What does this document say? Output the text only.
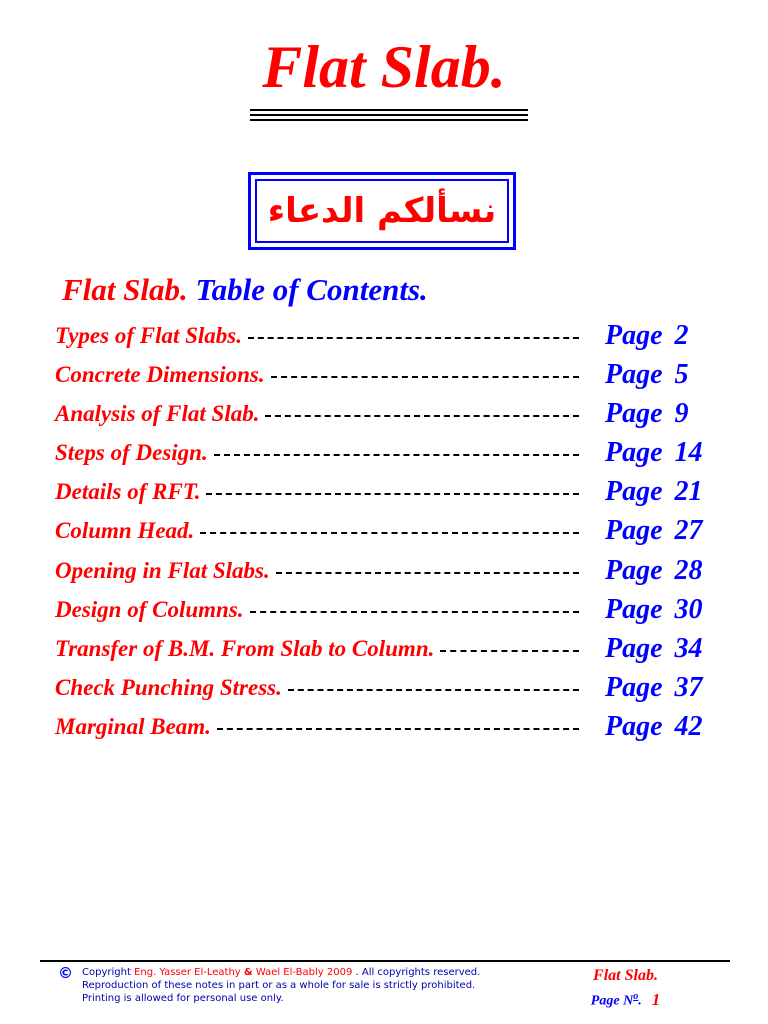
Flat Slab.
نسألكم الدعاء
Flat Slab. Table of Contents.
Types of Flat Slabs.	Page 2
Concrete Dimensions.	Page 5
Analysis of Flat Slab.	Page 9
Steps of Design.	Page 14
Details of RFT.	Page 21
Column Head.	Page 27
Opening in Flat Slabs.	Page 28
Design of Columns.	Page 30
Transfer of B.M. From Slab to Column.	Page 34
Check Punching Stress.	Page 37
Marginal Beam.	Page 42
© Copyright Eng. Yasser El-Leathy & Wael El-Bably 2009 . All copyrights reserved.
Reproduction of these notes in part or as a whole for sale is strictly prohibited.
Printing is allowed for personal use only.
Flat Slab.
Page $N^o$. 1
